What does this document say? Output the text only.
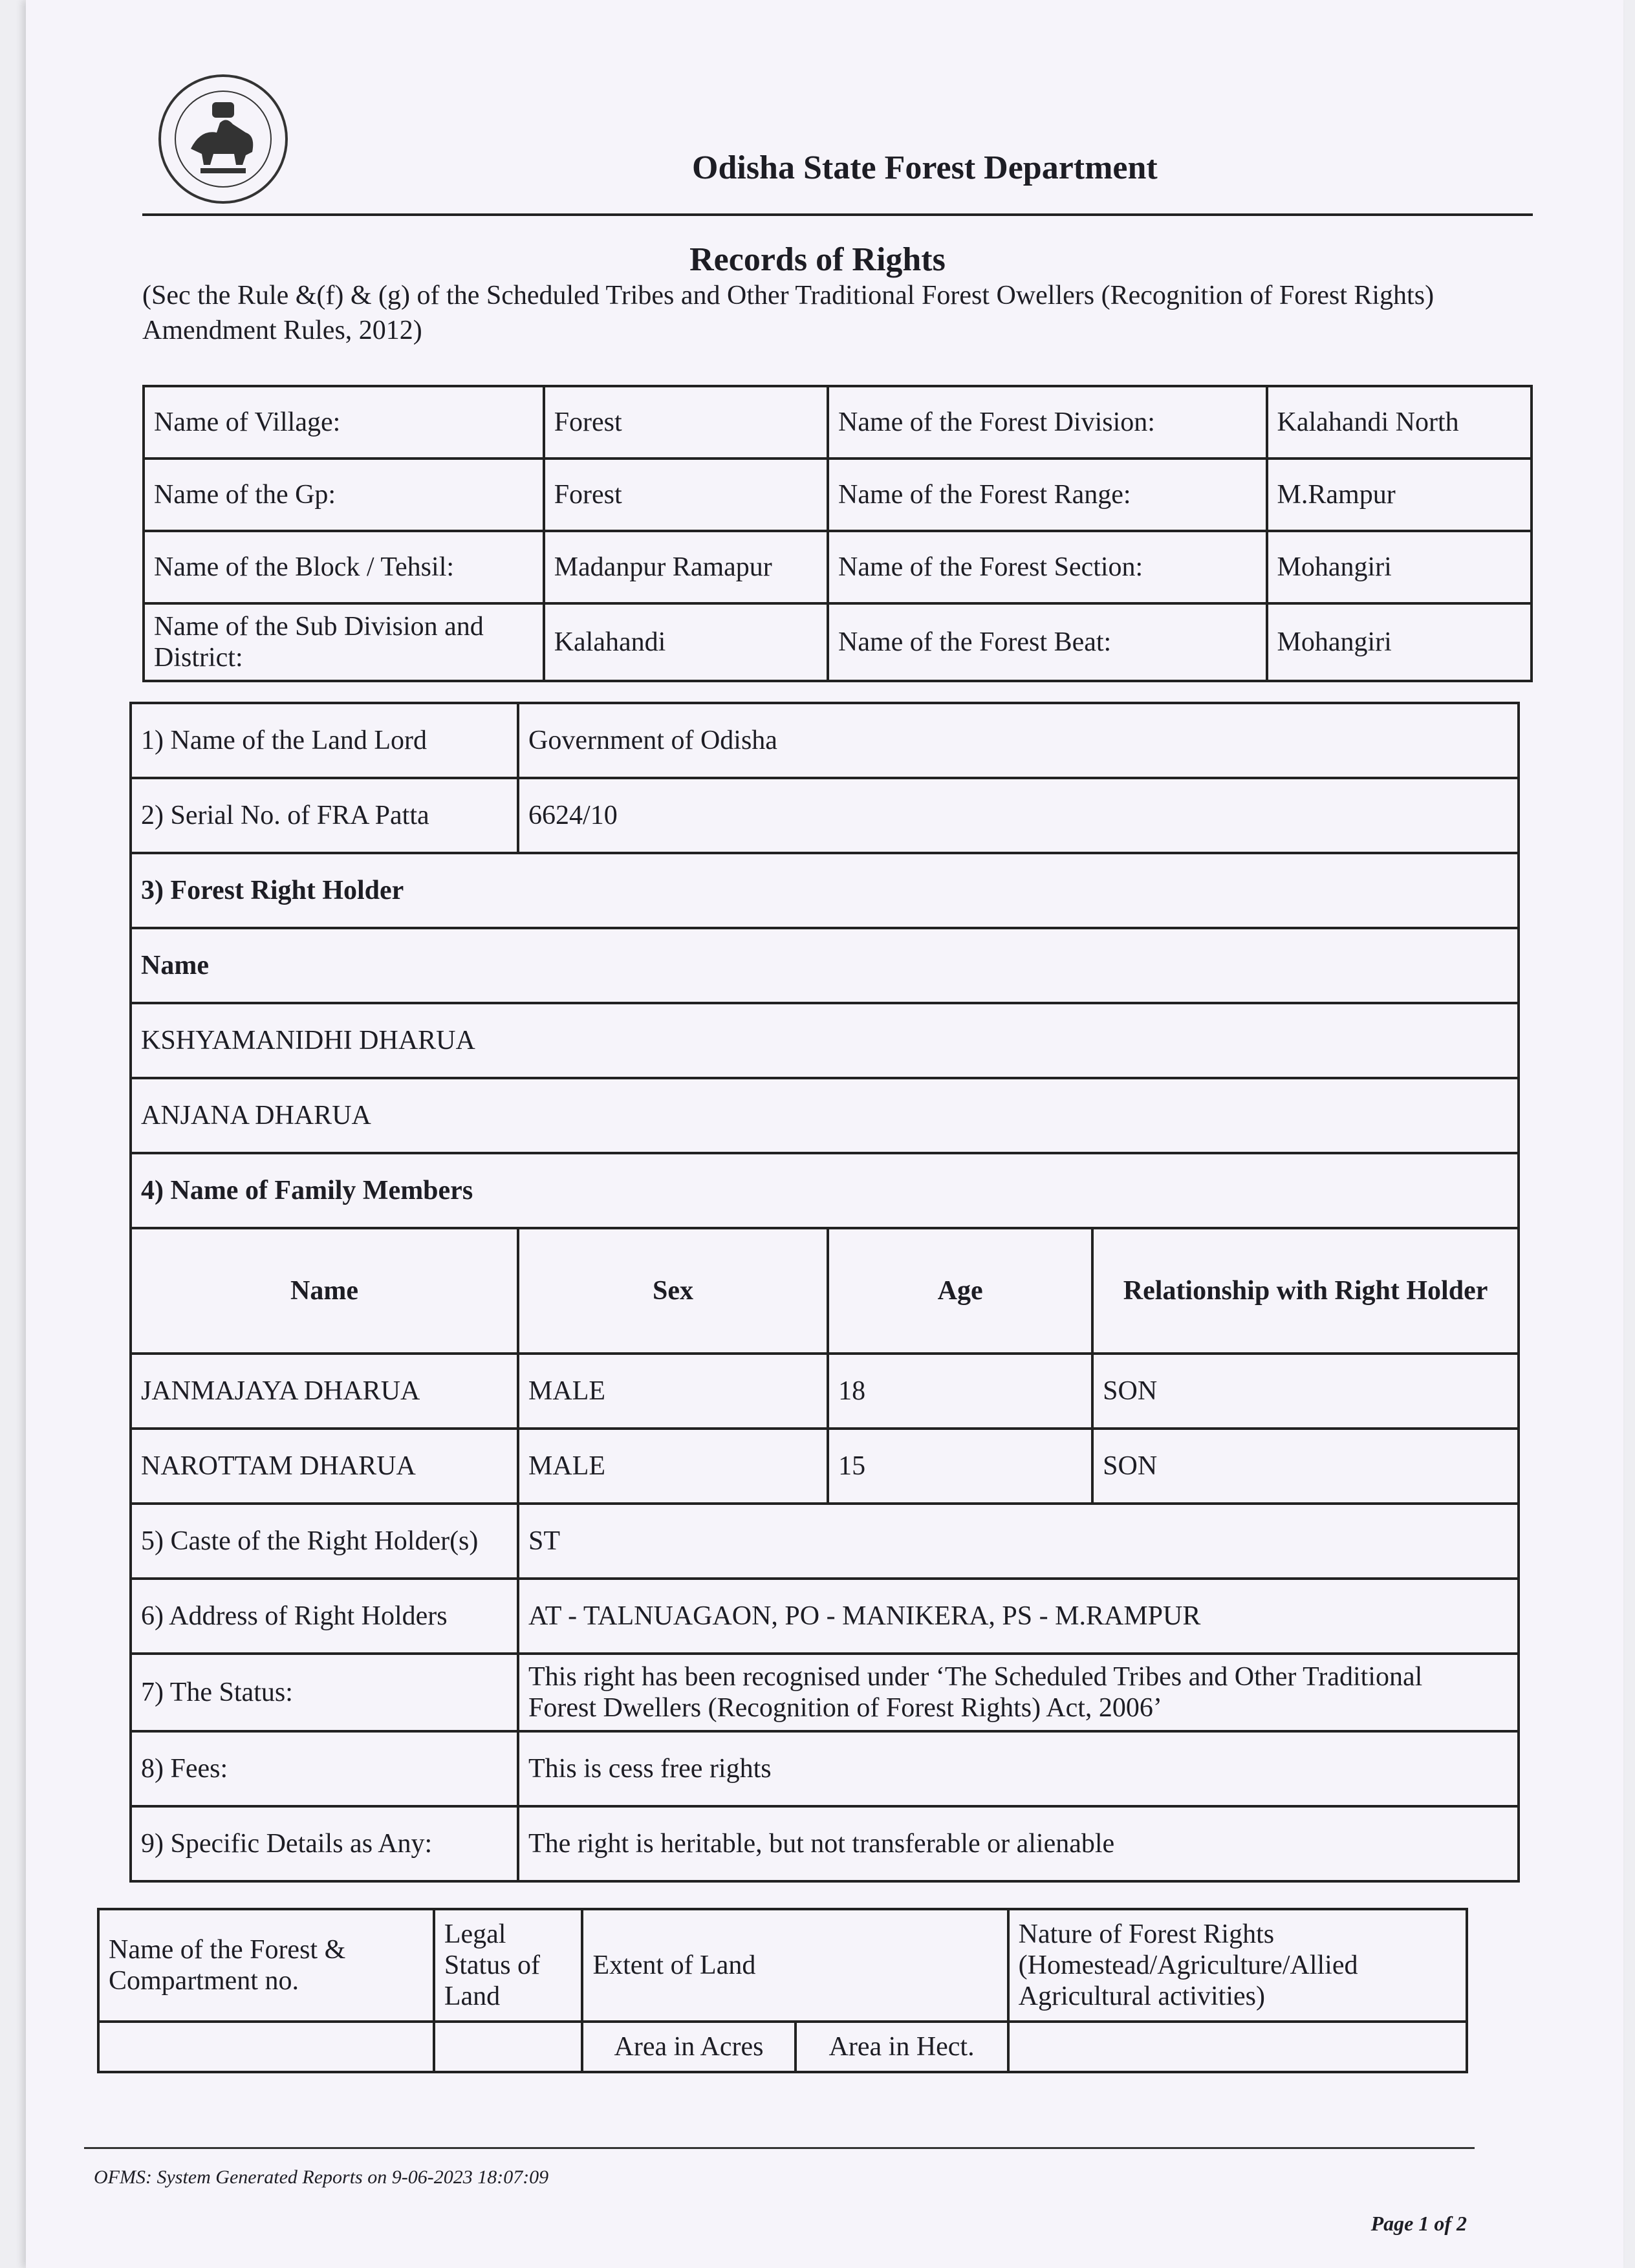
Odisha State Forest Department
Records of Rights
(Sec the Rule &(f) & (g) of the Scheduled Tribes and Other Traditional Forest Owellers (Recognition of Forest Rights) Amendment Rules, 2012)
Name of Village:	Forest	Name of the Forest Division:	Kalahandi North
Name of the Gp:	Forest	Name of the Forest Range:	M.Rampur
Name of the Block / Tehsil:	Madanpur Ramapur	Name of the Forest Section:	Mohangiri
Name of the Sub Division and District:	Kalahandi	Name of the Forest Beat:	Mohangiri
1) Name of the Land Lord	Government of Odisha		
2) Serial No. of FRA Patta	6624/10		
3) Forest Right Holder			
Name			
KSHYAMANIDHI DHARUA			
ANJANA DHARUA			
4) Name of Family Members			
Name	Sex	Age	Relationship with Right Holder
JANMAJAYA DHARUA	MALE	18	SON
NAROTTAM DHARUA	MALE	15	SON
5) Caste of the Right Holder(s)	ST		
6) Address of Right Holders	AT - TALNUAGAON, PO - MANIKERA, PS - M.RAMPUR		
7) The Status:	This right has been recognised under ‘The Scheduled Tribes and Other Traditional
Forest Dwellers (Recognition of Forest Rights) Act, 2006’		

8) Fees:	This is cess free rights		
9) Specific Details as Any:	The right is heritable, but not transferable or alienable		
Name of the Forest & Compartment no.	Legal Status of Land	Extent of Land		Nature of Forest Rights (Homestead/Agriculture/Allied Agricultural activities)
		Area in Acres	Area in Hect.	
OFMS: System Generated Reports on 9-06-2023 18:07:09
Page 1 of 2
